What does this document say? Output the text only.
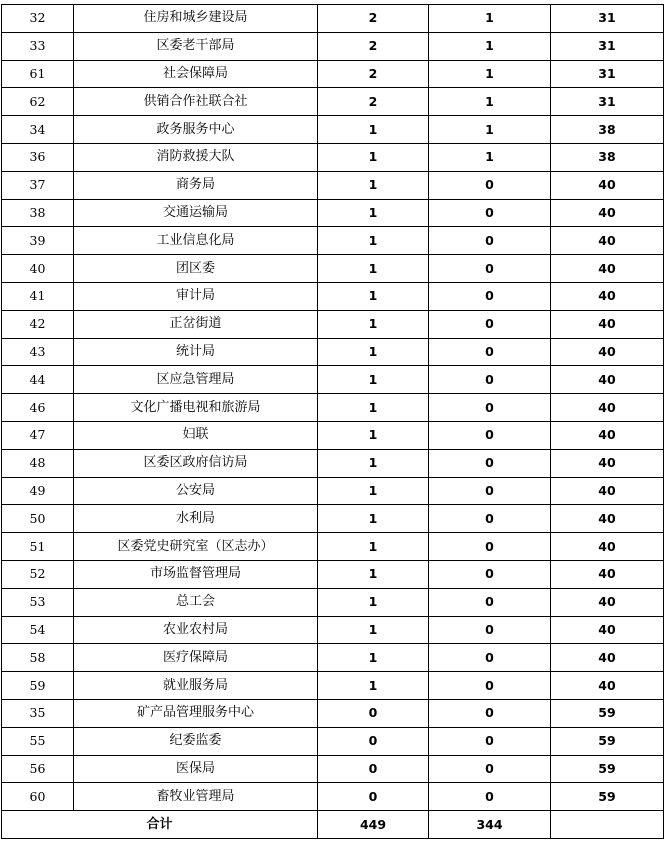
32	住房和城乡建设局	2	1	31
33	区委老干部局	2	1	31
61	社会保障局	2	1	31
62	供销合作社联合社	2	1	31
34	政务服务中心	1	1	38
36	消防救援大队	1	1	38
37	商务局	1	0	40
38	交通运输局	1	0	40
39	工业信息化局	1	0	40
40	团区委	1	0	40
41	审计局	1	0	40
42	正岔街道	1	0	40
43	统计局	1	0	40
44	区应急管理局	1	0	40
46	文化广播电视和旅游局	1	0	40
47	妇联	1	0	40
48	区委区政府信访局	1	0	40
49	公安局	1	0	40
50	水利局	1	0	40
51	区委党史研究室（区志办）	1	0	40
52	市场监督管理局	1	0	40
53	总工会	1	0	40
54	农业农村局	1	0	40
58	医疗保障局	1	0	40
59	就业服务局	1	0	40
35	矿产品管理服务中心	0	0	59
55	纪委监委	0	0	59
56	医保局	0	0	59
60	畜牧业管理局	0	0	59
合计		449	344	
